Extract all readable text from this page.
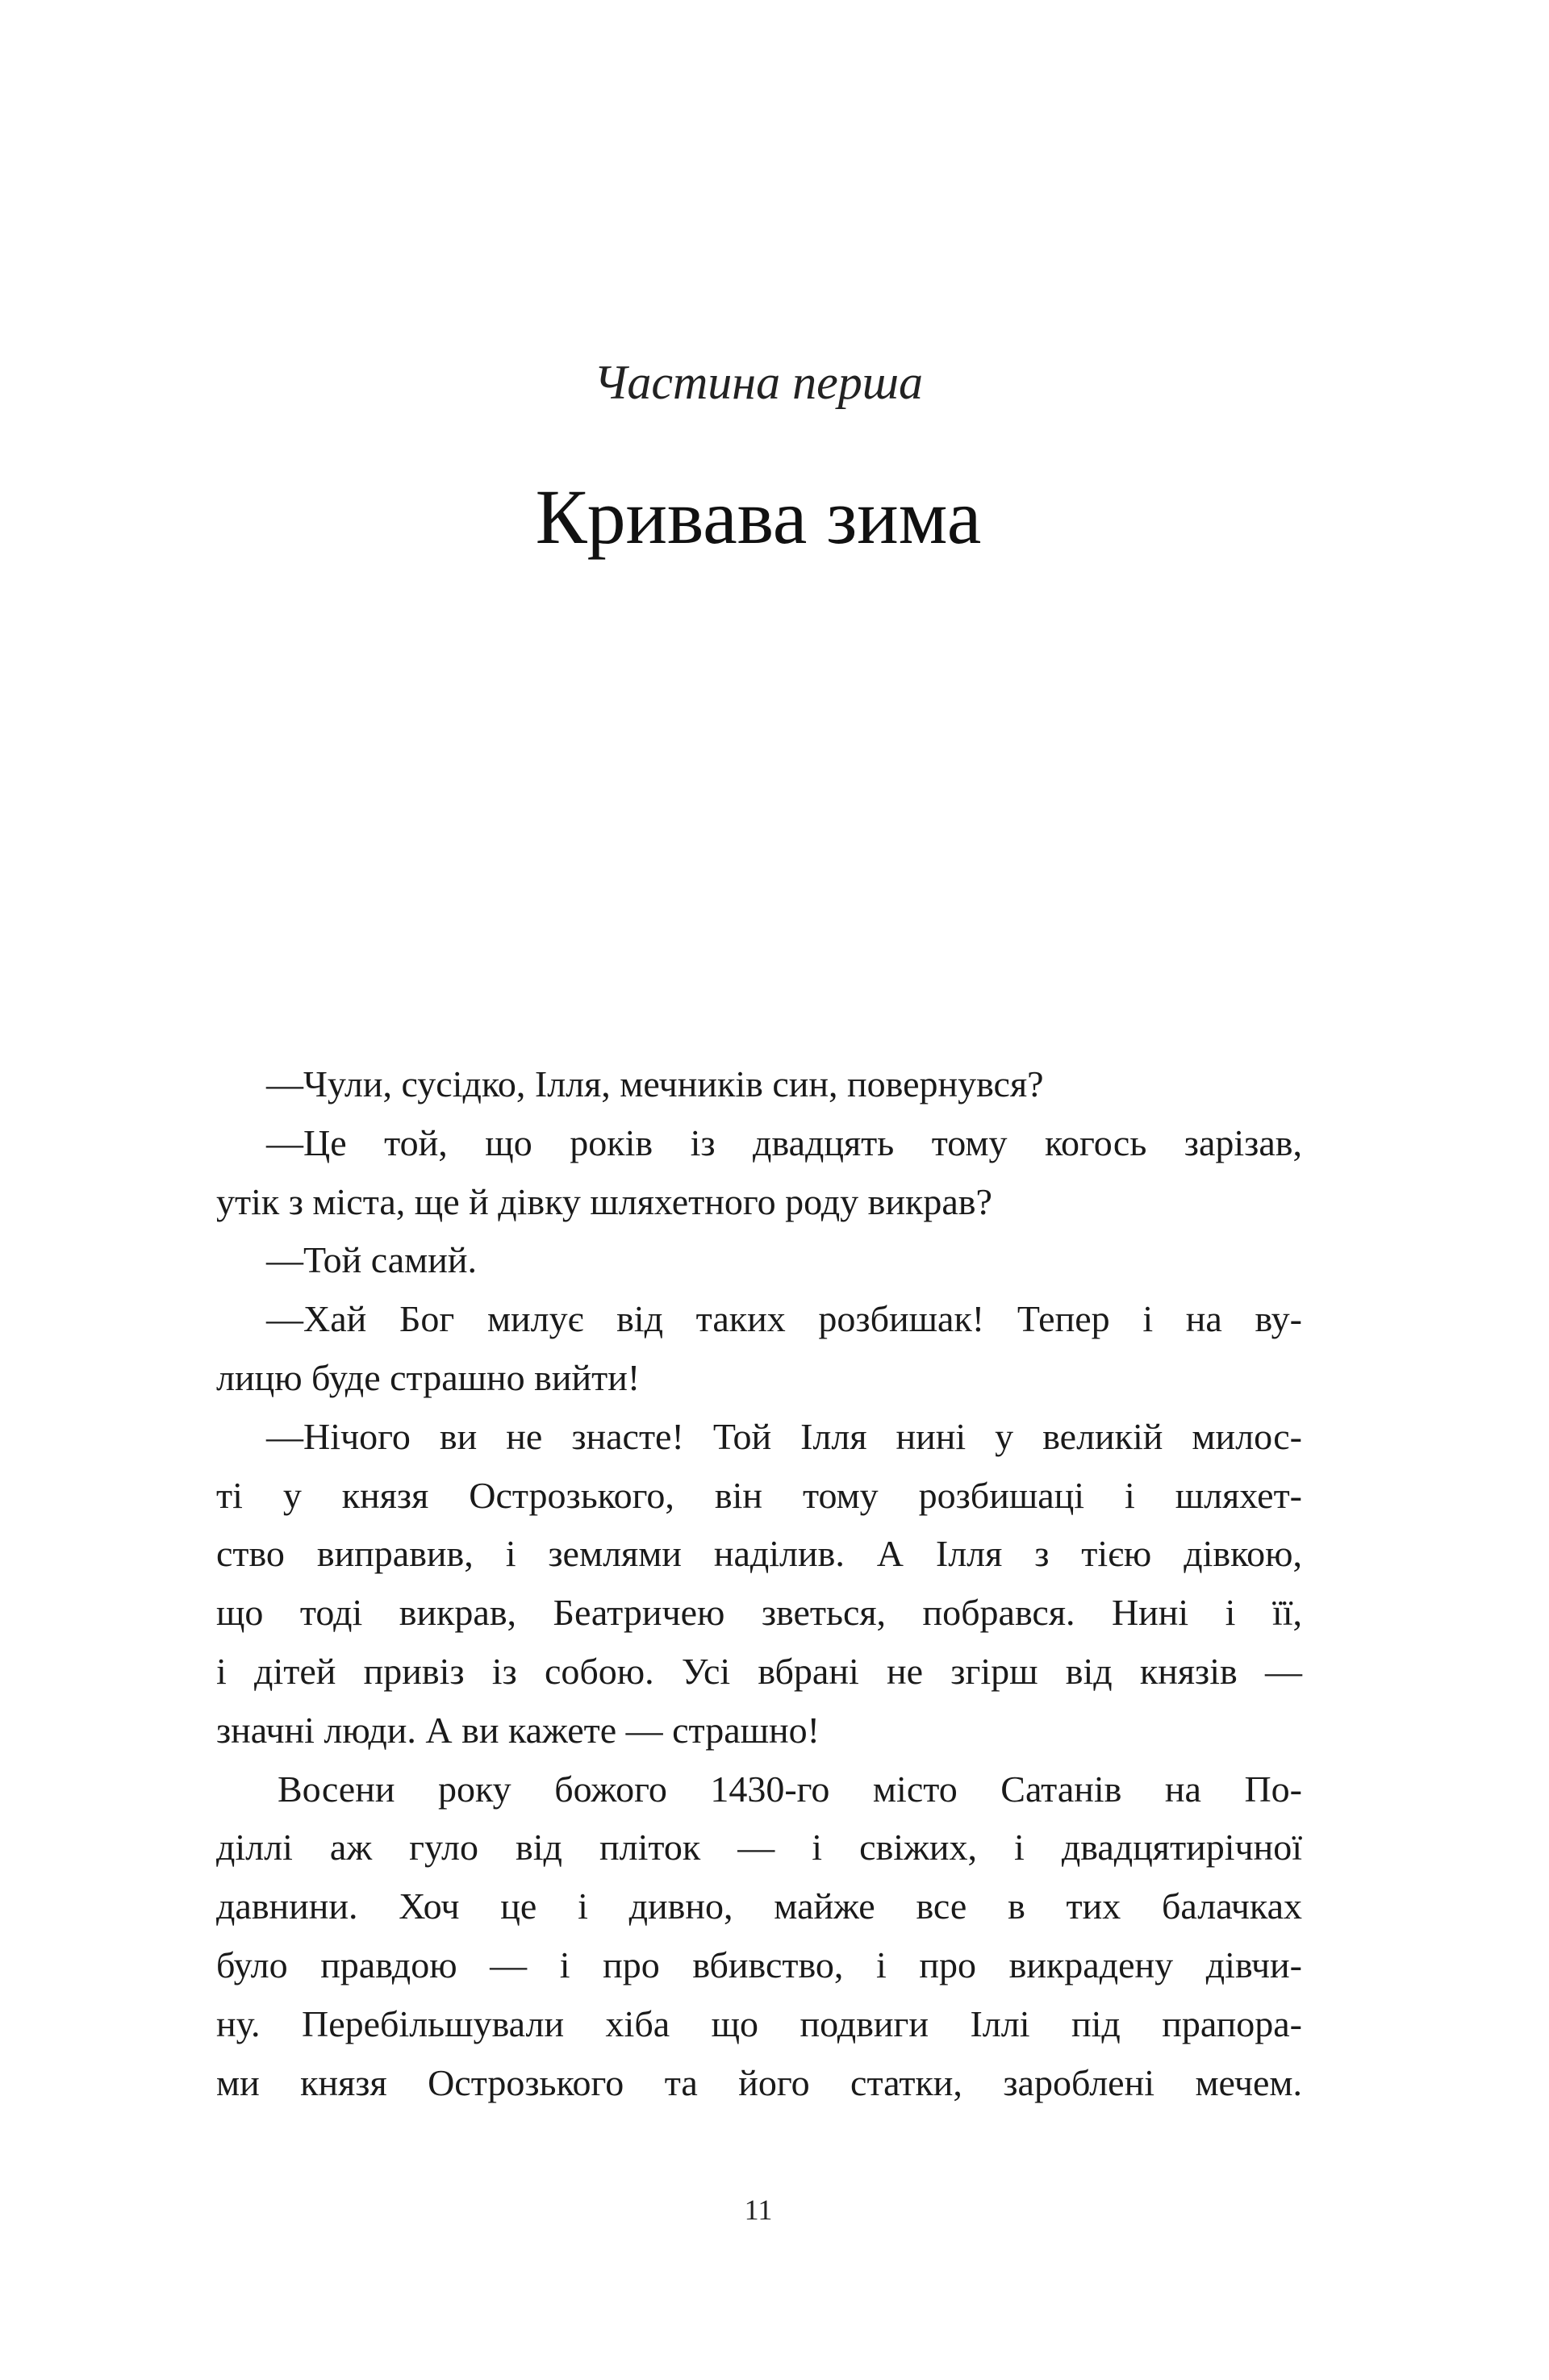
Частина перша
Кривава зима
—Чули, сусідко, Ілля, мечників син, повернувся?
—Це той, що років із двадцять тому когось зарізав,
утік з міста, ще й дівку шляхетного роду викрав?
—Той самий.
—Хай Бог милує від таких розбишак! Тепер і на ву-
лицю буде страшно вийти!
—Нічого ви не знасте! Той Ілля нині у великій милос-
ті у князя Острозького, він тому розбишаці і шляхет-
ство виправив, і землями наділив. А Ілля з тією дівкою,
що тоді викрав, Беатричею зветься, побрався. Нині і її,
і дітей привіз із собою. Усі вбрані не згірш від князів —
значні люди. А ви кажете — страшно!
Восени року божого 1430-го місто Сатанів на По-
діллі аж гуло від пліток — і свіжих, і двадцятирічної
давнини. Хоч це і дивно, майже все в тих балачках
було правдою — і про вбивство, і про викрадену дівчи-
ну. Перебільшували хіба що подвиги Іллі під прапора-
ми князя Острозького та його статки, зароблені мечем.
11
